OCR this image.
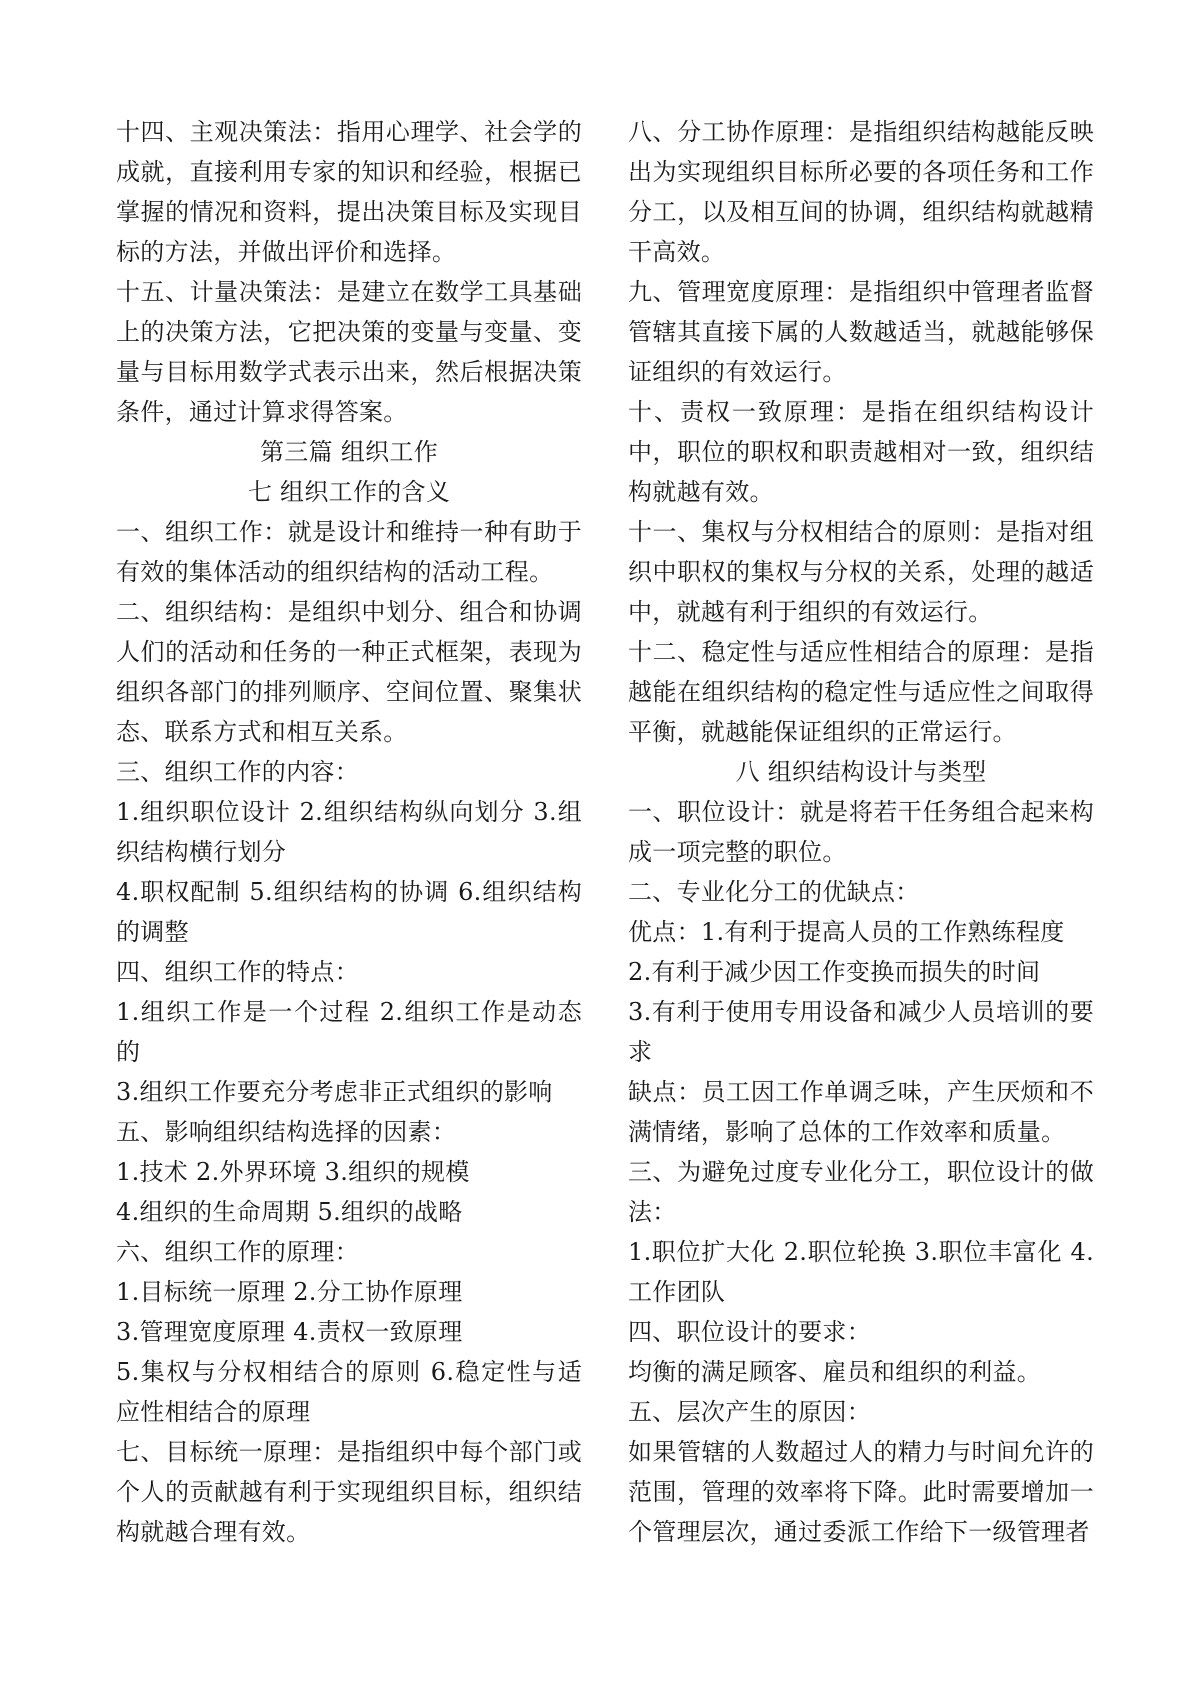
十四、主观决策法：指用心理学、社会学的成就，直接利用专家的知识和经验，根据已掌握的情况和资料，提出决策目标及实现目标的方法，并做出评价和选择。

十五、计量决策法：是建立在数学工具基础上的决策方法，它把决策的变量与变量、变量与目标用数学式表示出来，然后根据决策条件，通过计算求得答案。

第三篇 组织工作

七 组织工作的含义

一、组织工作：就是设计和维持一种有助于有效的集体活动的组织结构的活动工程。

二、组织结构：是组织中划分、组合和协调人们的活动和任务的一种正式框架，表现为组织各部门的排列顺序、空间位置、聚集状态、联系方式和相互关系。

三、组织工作的内容：

1.组织职位设计 2.组织结构纵向划分 3.组织结构横行划分

4.职权配制 5.组织结构的协调 6.组织结构的调整

四、组织工作的特点：

1.组织工作是一个过程 2.组织工作是动态的

3.组织工作要充分考虑非正式组织的影响

五、影响组织结构选择的因素：

1.技术 2.外界环境 3.组织的规模

4.组织的生命周期 5.组织的战略

六、组织工作的原理：

1.目标统一原理 2.分工协作原理

3.管理宽度原理 4.责权一致原理

5.集权与分权相结合的原则 6.稳定性与适应性相结合的原理

七、目标统一原理：是指组织中每个部门或个人的贡献越有利于实现组织目标，组织结构就越合理有效。

八、分工协作原理：是指组织结构越能反映出为实现组织目标所必要的各项任务和工作分工，以及相互间的协调，组织结构就越精干高效。

九、管理宽度原理：是指组织中管理者监督管辖其直接下属的人数越适当，就越能够保证组织的有效运行。

十、责权一致原理：是指在组织结构设计中，职位的职权和职责越相对一致，组织结构就越有效。

十一、集权与分权相结合的原则：是指对组织中职权的集权与分权的关系，处理的越适中，就越有利于组织的有效运行。

十二、稳定性与适应性相结合的原理：是指越能在组织结构的稳定性与适应性之间取得平衡，就越能保证组织的正常运行。

八 组织结构设计与类型

一、职位设计：就是将若干任务组合起来构成一项完整的职位。

二、专业化分工的优缺点：

优点：1.有利于提高人员的工作熟练程度

2.有利于减少因工作变换而损失的时间

3.有利于使用专用设备和减少人员培训的要求

缺点：员工因工作单调乏味，产生厌烦和不满情绪，影响了总体的工作效率和质量。

三、为避免过度专业化分工，职位设计的做法：

1.职位扩大化 2.职位轮换 3.职位丰富化 4.工作团队

四、职位设计的要求：

均衡的满足顾客、雇员和组织的利益。

五、层次产生的原因：

如果管辖的人数超过人的精力与时间允许的范围，管理的效率将下降。此时需要增加一个管理层次，通过委派工作给下一级管理者
